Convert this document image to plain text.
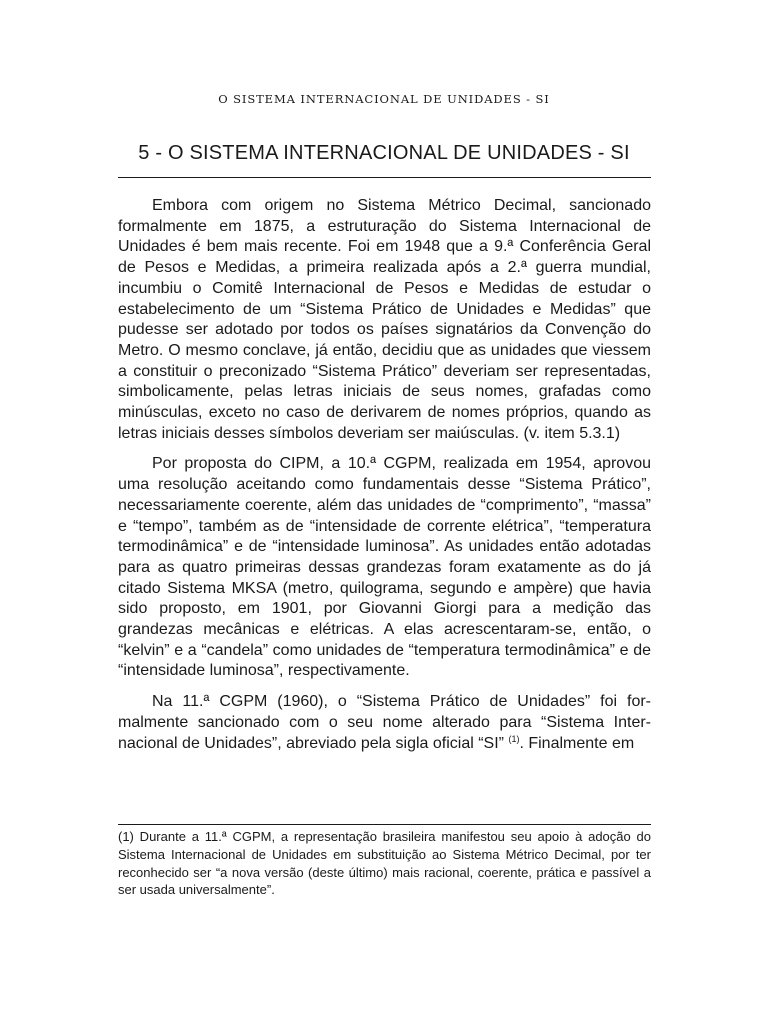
O SISTEMA INTERNACIONAL DE UNIDADES - SI
5 - O SISTEMA INTERNACIONAL DE UNIDADES - SI

Embora com origem no Sistema Métrico Decimal, sancionado formalmente em 1875, a estruturação do Sistema Internacional de Unidades é bem mais recente. Foi em 1948 que a 9.ª Conferência Geral de Pesos e Medidas, a primeira realizada após a 2.ª guerra mundial, incumbiu o Comitê Internacional de Pesos e Medidas de estudar o estabelecimento de um “Sistema Prático de Unidades e Medidas” que pudesse ser adotado por todos os países signatários da Convenção do Metro. O mesmo conclave, já então, decidiu que as unidades que viessem a constituir o preconizado “Sistema Prático” deveriam ser representadas, simbolicamente, pelas letras iniciais de seus nomes, grafadas como minúsculas, exceto no caso de derivarem de nomes próprios, quando as letras iniciais desses símbolos deveriam ser maiúsculas. (v. item 5.3.1)

Por proposta do CIPM, a 10.ª CGPM, realizada em 1954, aprovou uma resolução aceitando como fundamentais desse “Sistema Prático”, necessariamente coerente, além das unidades de “comprimento”, “massa” e “tempo”, também as de “intensidade de corrente elétrica”, “temperatura termodinâmica” e de “intensidade luminosa”. As unidades então adotadas para as quatro primeiras dessas grandezas foram exatamente as do já citado Sistema MKSA (metro, quilograma, segundo e ampère) que havia sido proposto, em 1901, por Giovanni Giorgi para a medição das grandezas mecânicas e elétricas. A elas acrescentaram-se, então, o “kelvin” e a “candela” como unidades de “temperatura termodinâmica” e de “intensidade luminosa”, respectivamente.

Na 11.ª CGPM (1960), o “Sistema Prático de Unidades” foi formalmente sancionado com o seu nome alterado para “Sistema Internacional de Unidades”, abreviado pela sigla oficial “SI” $^{(1)}$. Finalmente em

(1) Durante a 11.ª CGPM, a representação brasileira manifestou seu apoio à adoção do Sistema Internacional de Unidades em substituição ao Sistema Métrico Decimal, por ter reconhecido ser “a nova versão (deste último) mais racional, coerente, prática e passível a ser usada universalmente”.
